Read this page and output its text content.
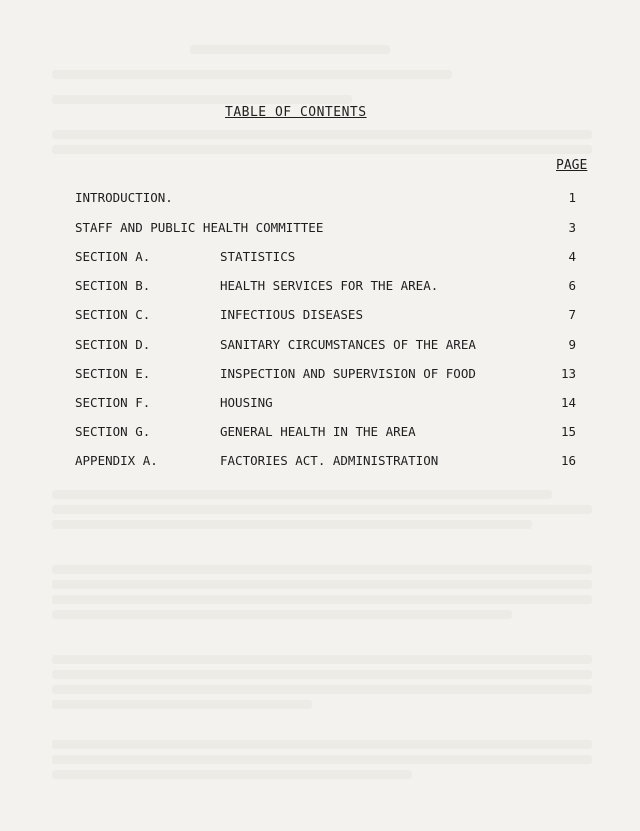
TABLE OF CONTENTS
PAGE
INTRODUCTION.	1
STAFF AND PUBLIC HEALTH COMMITTEE	3
SECTION A.	STATISTICS	4
SECTION B.	HEALTH SERVICES FOR THE AREA.	6
SECTION C.	INFECTIOUS DISEASES	7
SECTION D.	SANITARY CIRCUMSTANCES OF THE AREA	9
SECTION E.	INSPECTION AND SUPERVISION OF FOOD	13
SECTION F.	HOUSING	14
SECTION G.	GENERAL HEALTH IN THE AREA	15
APPENDIX A.	FACTORIES ACT. ADMINISTRATION	16
